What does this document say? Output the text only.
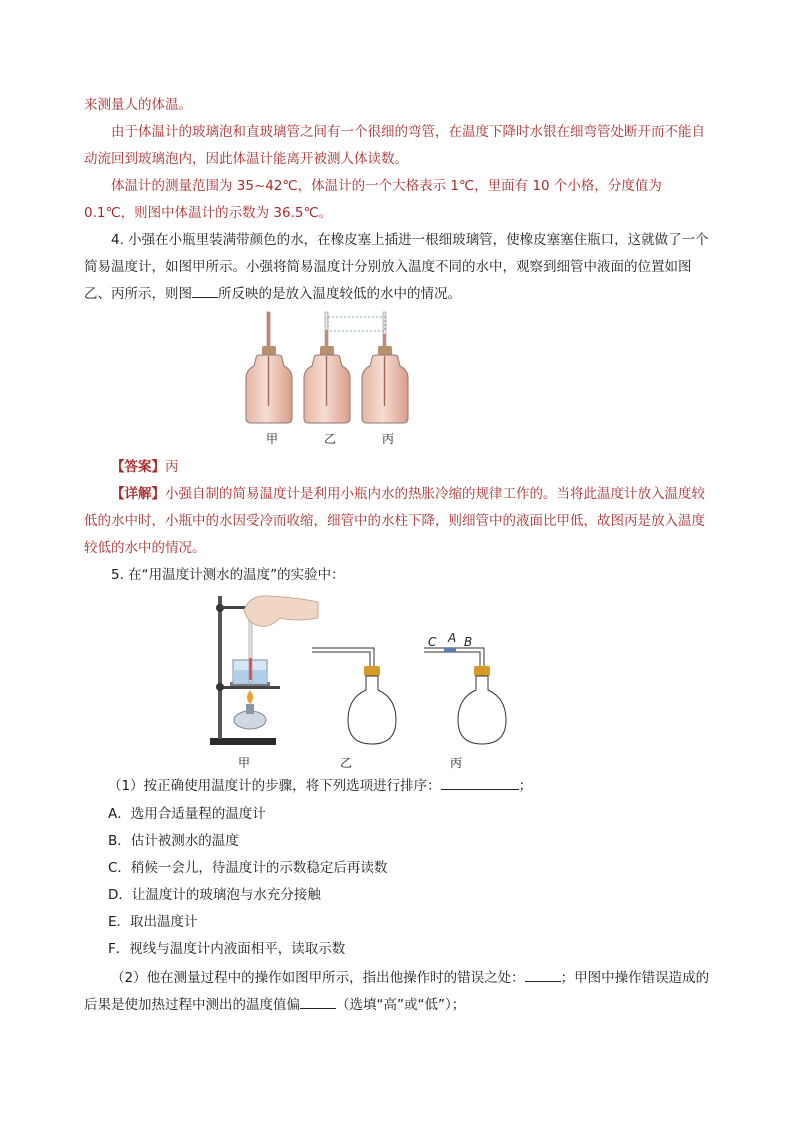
来测量人的体温。

由于体温计的玻璃泡和直玻璃管之间有一个很细的弯管，在温度下降时水银在细弯管处断开而不能自动流回到玻璃泡内，因此体温计能离开被测人体读数。

体温计的测量范围为 35~42℃，体温计的一个大格表示 1℃，里面有 10 个小格，分度值为 0.1℃，则图中体温计的示数为 36.5℃。

4. 小强在小瓶里装满带颜色的水，在橡皮塞上插进一根细玻璃管，使橡皮塞塞住瓶口，这就做了一个简易温度计，如图甲所示。小强将简易温度计分别放入温度不同的水中，观察到细管中液面的位置如图乙、丙所示，则图 所反映的是放入温度较低的水中的情况。

甲	乙	丙

【答案】丙

【详解】小强自制的简易温度计是利用小瓶内水的热胀冷缩的规律工作的。当将此温度计放入温度较低的水中时，小瓶中的水因受冷而收缩，细管中的水柱下降，则细管中的液面比甲低，故图丙是放入温度较低的水中的情况。

5. 在“用温度计测水的温度”的实验中：

C A B
甲	乙	丙

（1）按正确使用温度计的步骤，将下列选项进行排序：	；

A．选用合适量程的温度计
B．估计被测水的温度
C．稍候一会儿，待温度计的示数稳定后再读数
D．让温度计的玻璃泡与水充分接触
E．取出温度计
F．视线与温度计内液面相平，读取示数

（2）他在测量过程中的操作如图甲所示，指出他操作时的错误之处：	；甲图中操作错误造成的后果是使加热过程中测出的温度值偏	（选填“高”或“低”）；
